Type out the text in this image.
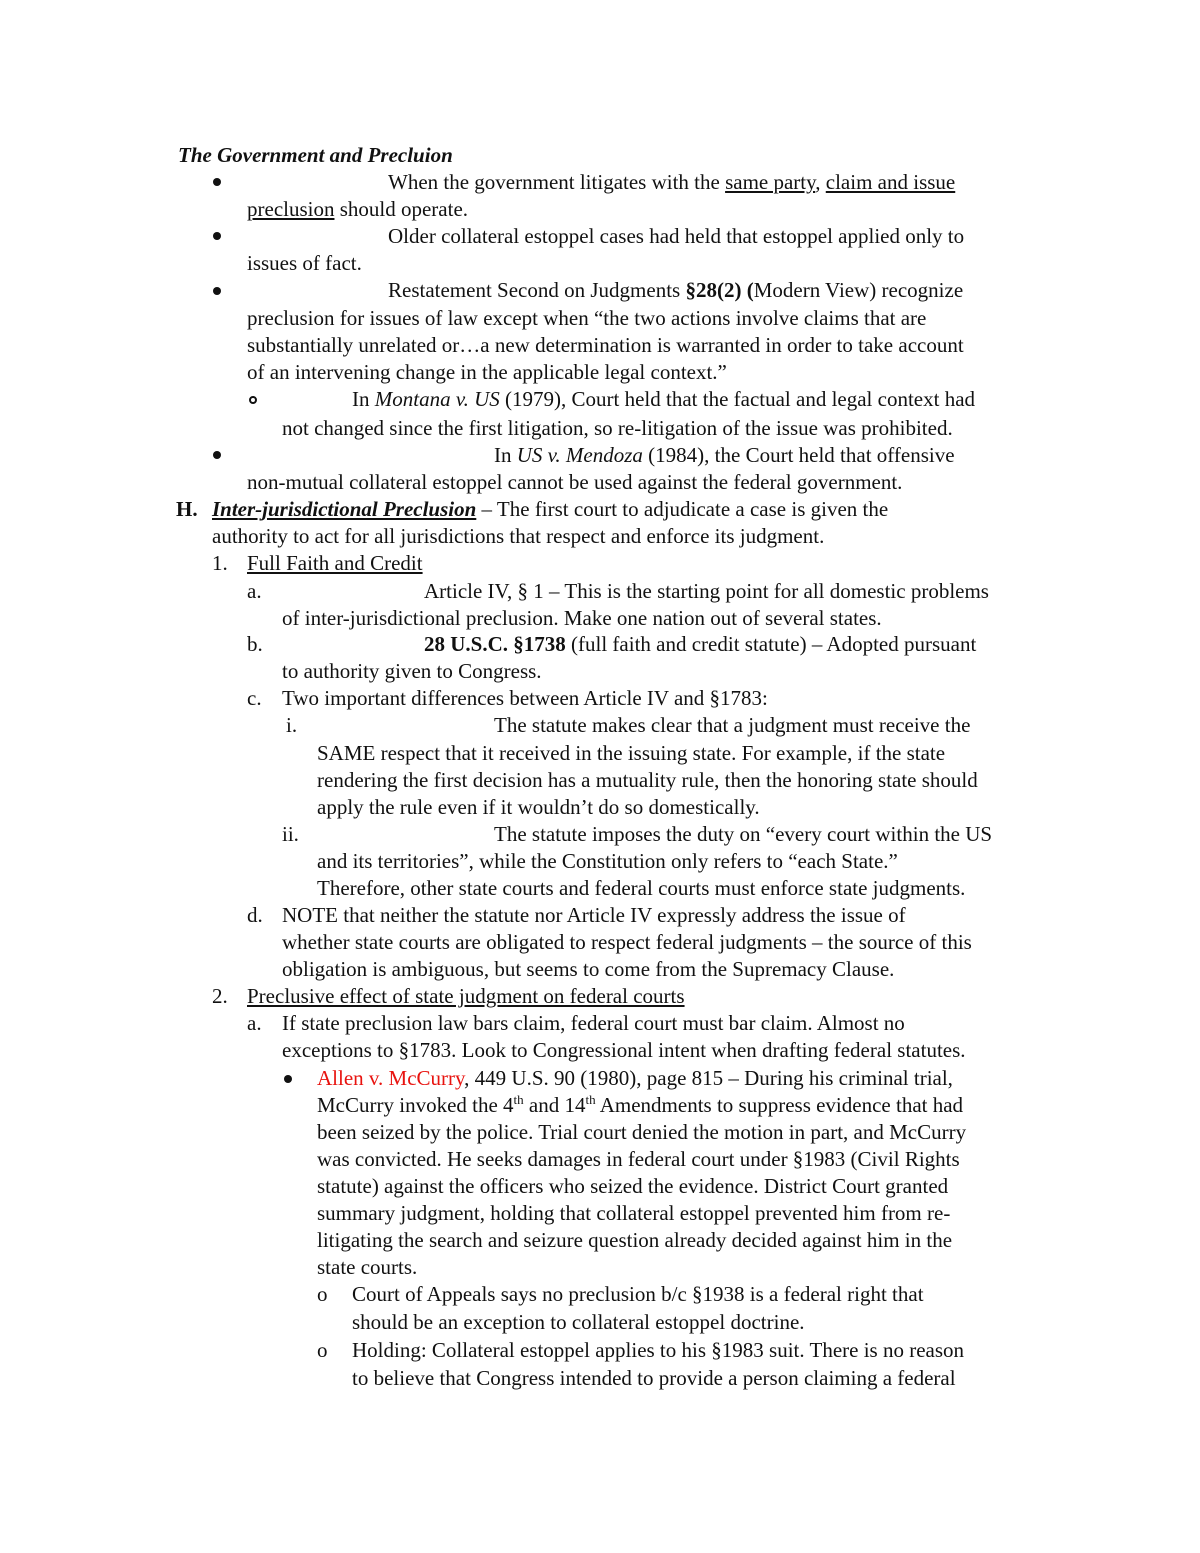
The Government and Precluion
When the government litigates with the same party, claim and issue
preclusion should operate.
Older collateral estoppel cases had held that estoppel applied only to
issues of fact.
Restatement Second on Judgments §28(2) (Modern View) recognize
preclusion for issues of law except when “the two actions involve claims that are
substantially unrelated or…a new determination is warranted in order to take account
of an intervening change in the applicable legal context.”
In Montana v. US (1979), Court held that the factual and legal context had
not changed since the first litigation, so re-litigation of the issue was prohibited.
In US v. Mendoza (1984), the Court held that offensive
non-mutual collateral estoppel cannot be used against the federal government.
H. Inter-jurisdictional Preclusion – The first court to adjudicate a case is given the
authority to act for all jurisdictions that respect and enforce its judgment.
1. Full Faith and Credit
a.	Article IV, § 1 – This is the starting point for all domestic problems
of inter-jurisdictional preclusion. Make one nation out of several states.
b.	28 U.S.C. §1738 (full faith and credit statute) – Adopted pursuant
to authority given to Congress.
c. Two important differences between Article IV and §1783:
i.	The statute makes clear that a judgment must receive the
SAME respect that it received in the issuing state. For example, if the state
rendering the first decision has a mutuality rule, then the honoring state should
apply the rule even if it wouldn’t do so domestically.
ii.	The statute imposes the duty on “every court within the US
and its territories”, while the Constitution only refers to “each State.”
Therefore, other state courts and federal courts must enforce state judgments.
d. NOTE that neither the statute nor Article IV expressly address the issue of
whether state courts are obligated to respect federal judgments – the source of this
obligation is ambiguous, but seems to come from the Supremacy Clause.
2. Preclusive effect of state judgment on federal courts
a. If state preclusion law bars claim, federal court must bar claim. Almost no
exceptions to §1783. Look to Congressional intent when drafting federal statutes.
Allen v. McCurry, 449 U.S. 90 (1980), page 815 – During his criminal trial,
McCurry invoked the 4th and 14th Amendments to suppress evidence that had
been seized by the police. Trial court denied the motion in part, and McCurry
was convicted. He seeks damages in federal court under §1983 (Civil Rights
statute) against the officers who seized the evidence. District Court granted
summary judgment, holding that collateral estoppel prevented him from re-
litigating the search and seizure question already decided against him in the
state courts.
o Court of Appeals says no preclusion b/c §1938 is a federal right that
should be an exception to collateral estoppel doctrine.
o Holding: Collateral estoppel applies to his §1983 suit. There is no reason
to believe that Congress intended to provide a person claiming a federal
